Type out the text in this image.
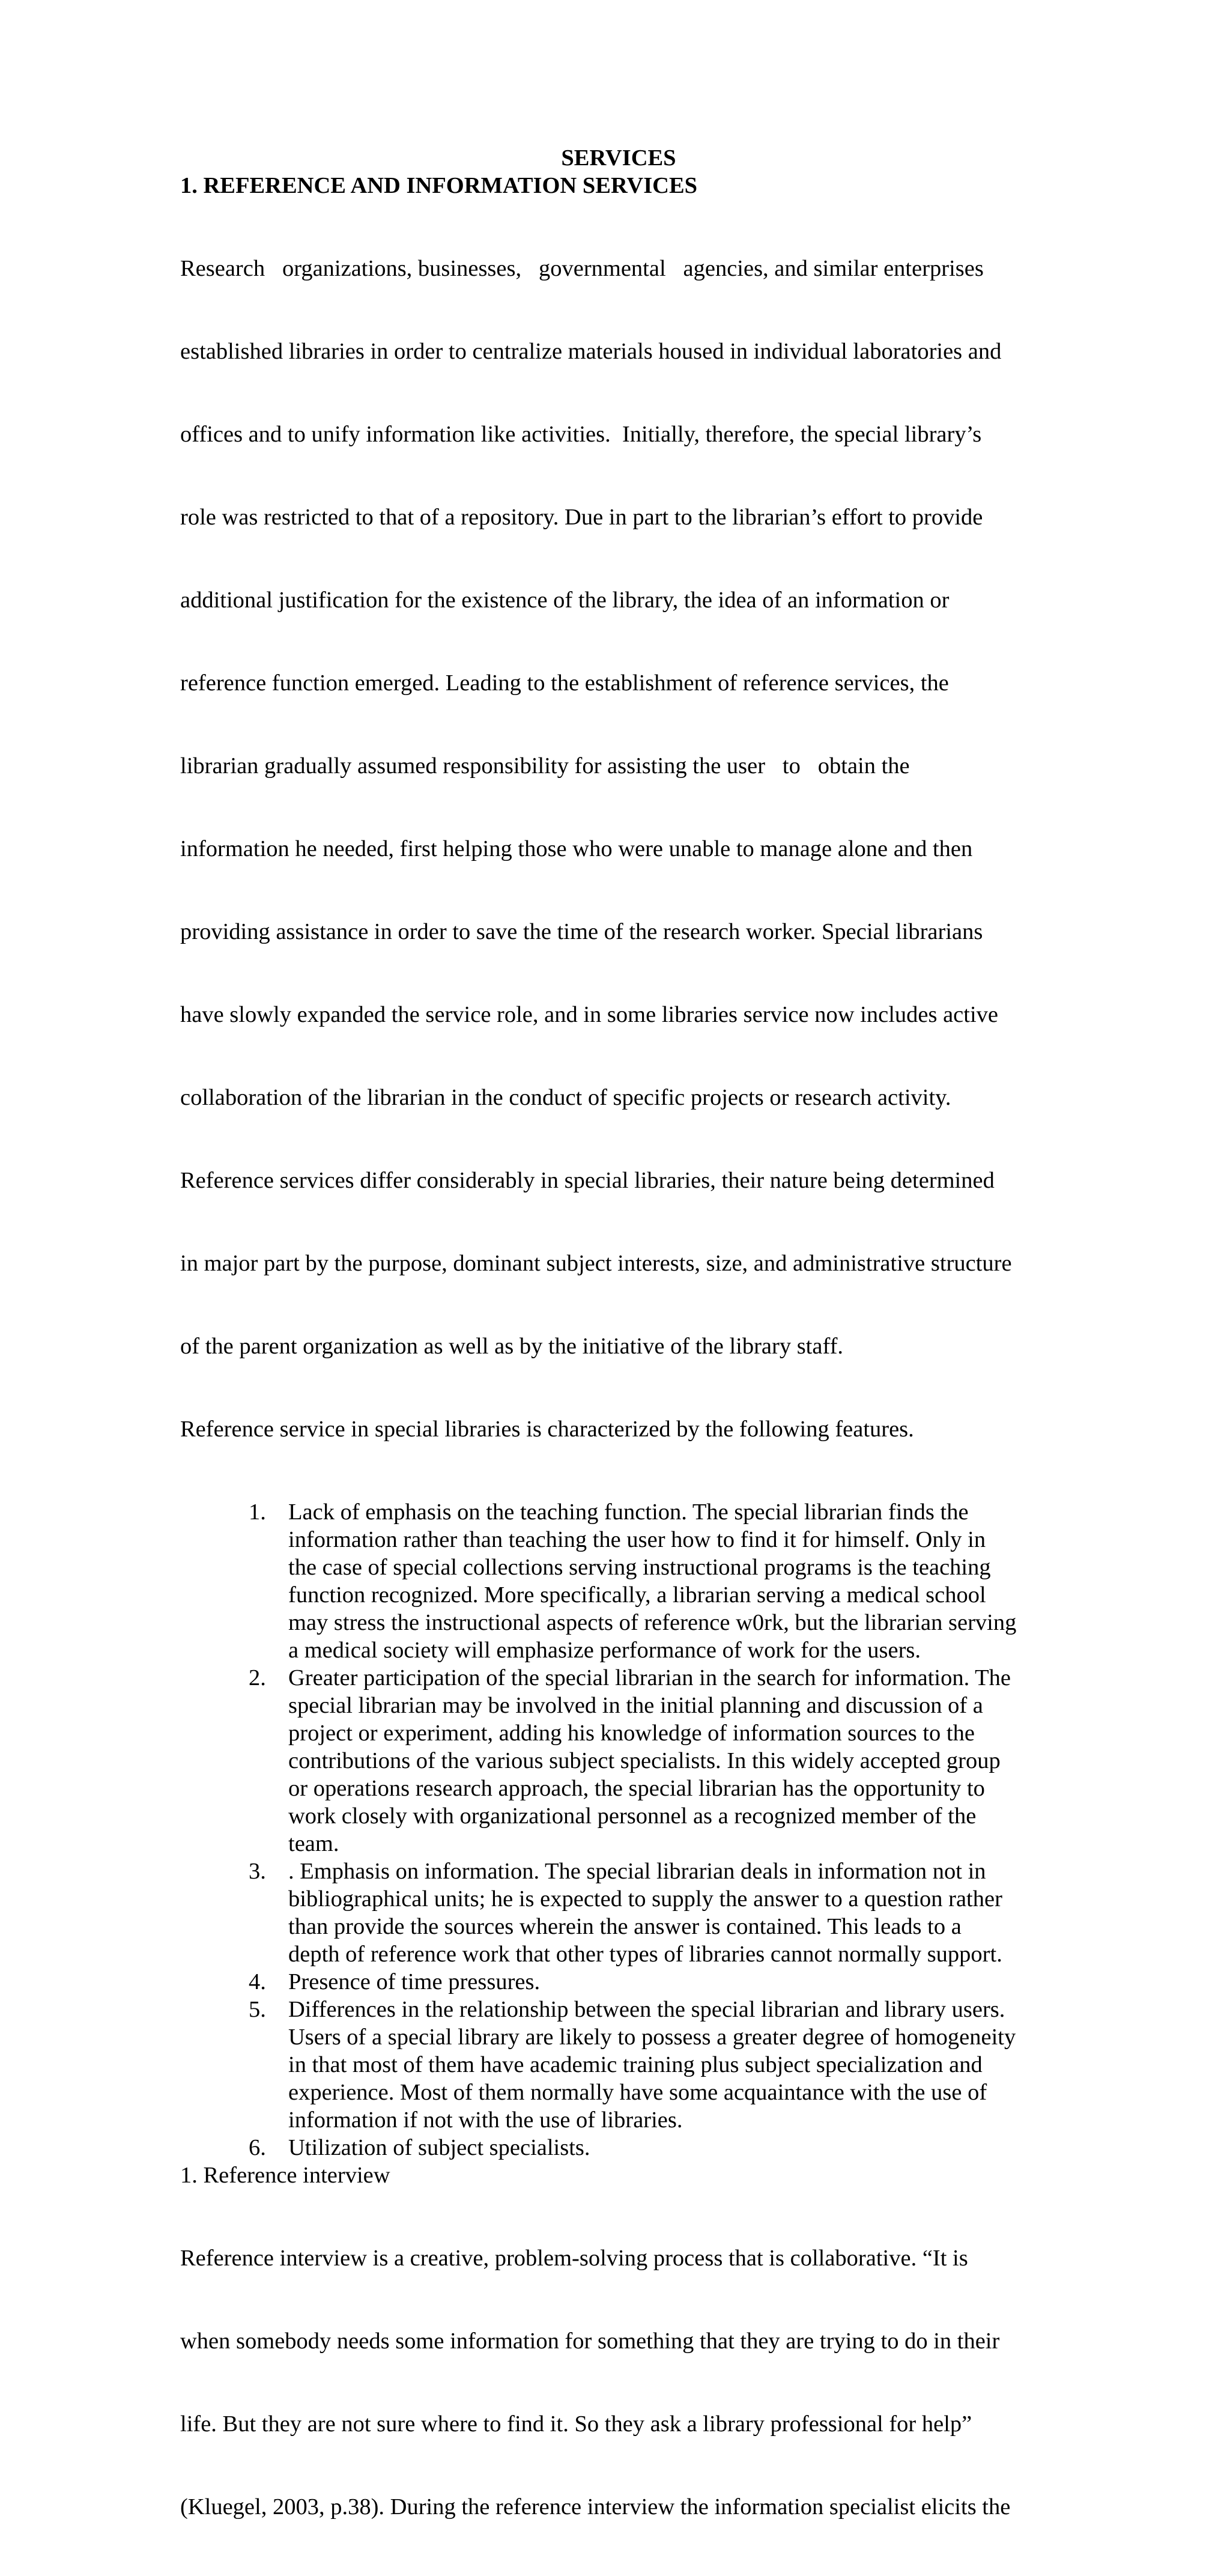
SERVICES
1. REFERENCE AND INFORMATION SERVICES

Research   organizations, businesses,   governmental   agencies, and similar enterprises

established libraries in order to centralize materials housed in individual laboratories and

offices and to unify information like activities.  Initially, therefore, the special library’s

role was restricted to that of a repository. Due in part to the librarian’s effort to provide

additional justification for the existence of the library, the idea of an information or

reference function emerged. Leading to the establishment of reference services, the

librarian gradually assumed responsibility for assisting the user   to   obtain the

information he needed, first helping those who were unable to manage alone and then

providing assistance in order to save the time of the research worker. Special librarians

have slowly expanded the service role, and in some libraries service now includes active

collaboration of the librarian in the conduct of specific projects or research activity.

Reference services differ considerably in special libraries, their nature being determined

in major part by the purpose, dominant subject interests, size, and administrative structure

of the parent organization as well as by the initiative of the library staff.

Reference service in special libraries is characterized by the following features.

1. Lack of emphasis on the teaching function. The special librarian finds the
information rather than teaching the user how to find it for himself. Only in
the case of special collections serving instructional programs is the teaching
function recognized. More specifically, a librarian serving a medical school
may stress the instructional aspects of reference w0rk, but the librarian serving
a medical society will emphasize performance of work for the users.
2. Greater participation of the special librarian in the search for information. The
special librarian may be involved in the initial planning and discussion of a
project or experiment, adding his knowledge of information sources to the
contributions of the various subject specialists. In this widely accepted group
or operations research approach, the special librarian has the opportunity to
work closely with organizational personnel as a recognized member of the
team.
3. . Emphasis on information. The special librarian deals in information not in
bibliographical units; he is expected to supply the answer to a question rather
than provide the sources wherein the answer is contained. This leads to a
depth of reference work that other types of libraries cannot normally support.
4. Presence of time pressures.
5. Differences in the relationship between the special librarian and library users.
Users of a special library are likely to possess a greater degree of homogeneity
in that most of them have academic training plus subject specialization and
experience. Most of them normally have some acquaintance with the use of
information if not with the use of libraries.
6. Utilization of subject specialists.
1. Reference interview

Reference interview is a creative, problem-solving process that is collaborative. “It is

when somebody needs some information for something that they are trying to do in their

life. But they are not sure where to find it. So they ask a library professional for help”

(Kluegel, 2003, p.38). During the reference interview the information specialist elicits the
